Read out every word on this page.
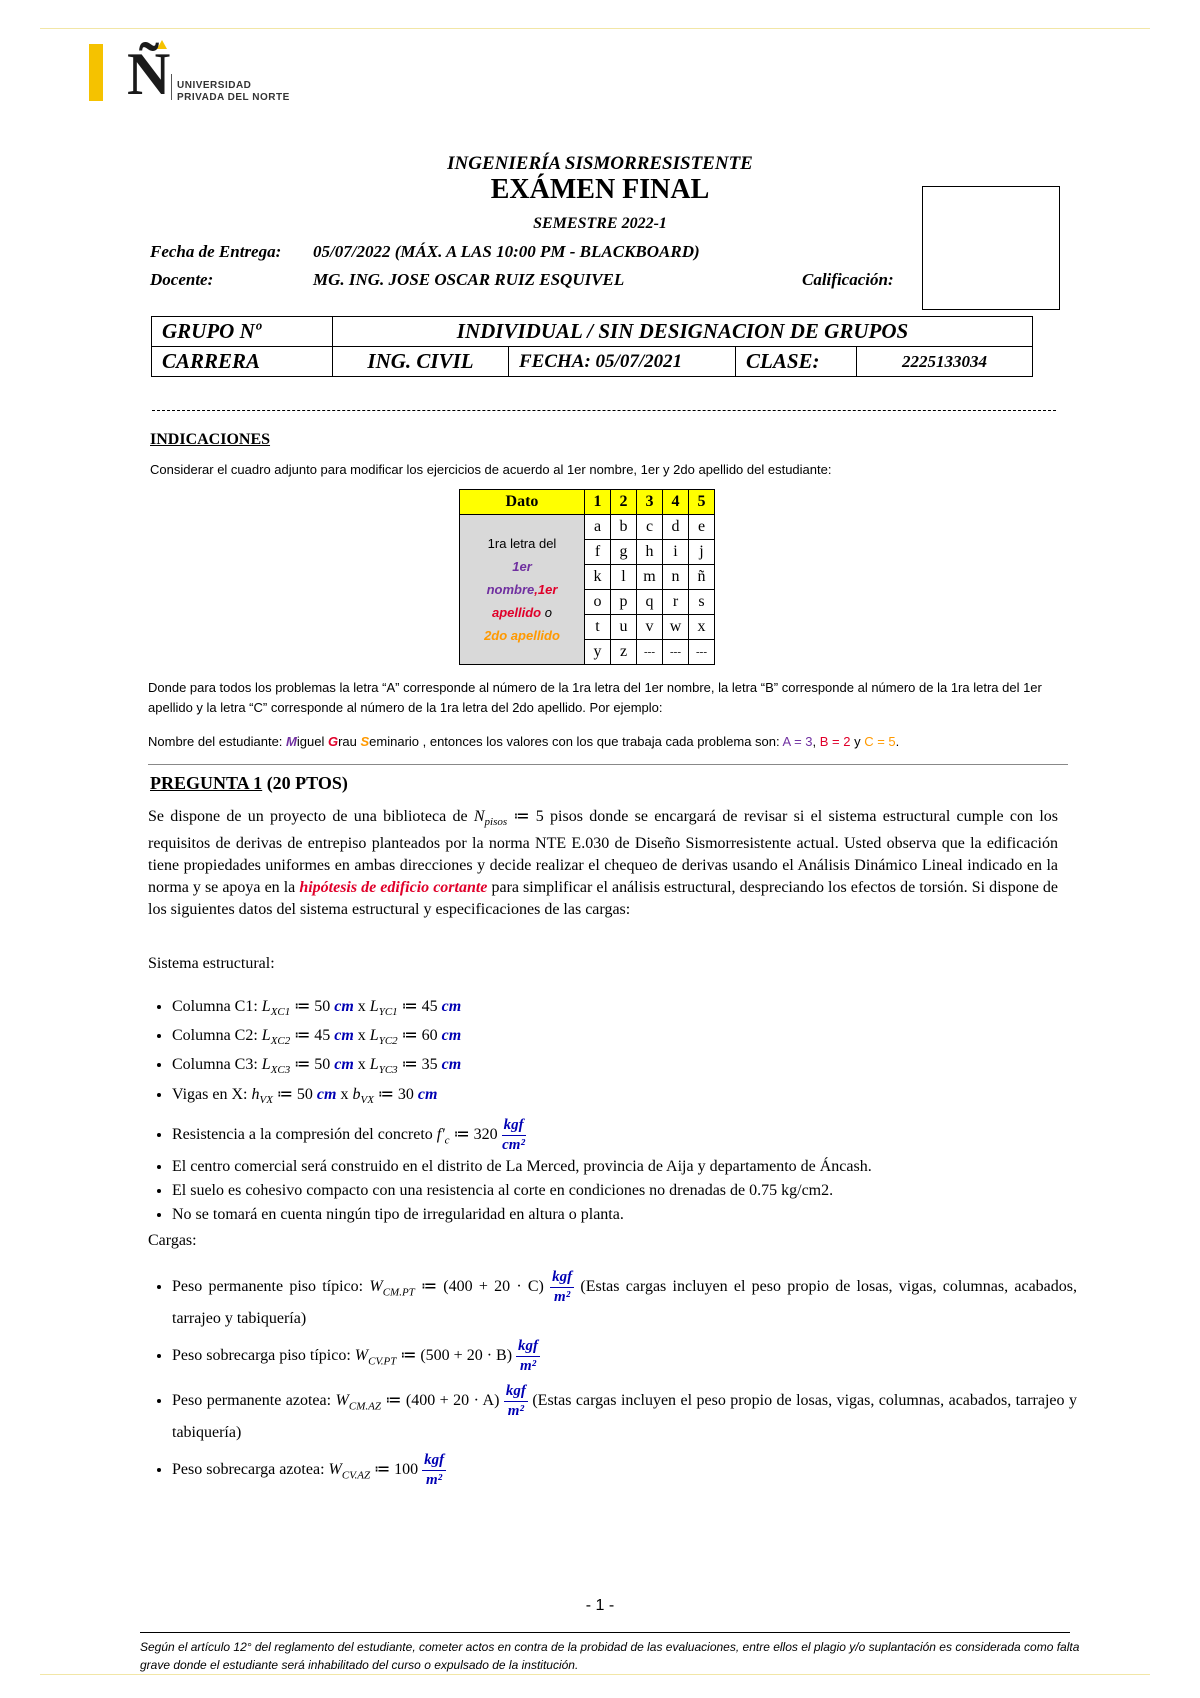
Ñ UNIVERSIDAD
PRIVADA DEL NORTE
INGENIERÍA SISMORRESISTENTE
EXÁMEN FINAL
SEMESTRE 2022-1
Fecha de Entrega: 05/07/2022 (MÁX. A LAS 10:00 PM - BLACKBOARD)
Docente:	MG. ING. JOSE OSCAR RUIZ ESQUIVEL	Calificación:
GRUPO Nº	INDIVIDUAL / SIN DESIGNACION DE GRUPOS			
CARRERA	ING. CIVIL	FECHA: 05/07/2021	CLASE:	2225133034
INDICACIONES
Considerar el cuadro adjunto para modificar los ejercicios de acuerdo al 1er nombre, 1er y 2do apellido del estudiante:
Dato	1	2	3	4	5

1ra letra del
1er
nombre,1er
apellido o
2do apellido	a	b	c	d	e
	f	g	h	i	j
	k	l	m	n	ñ
	o	p	q	r	s
	t	u	v	w	x
	y	z	---	---	---
Donde para todos los problemas la letra “A” corresponde al número de la 1ra letra del 1er nombre, la letra “B” corresponde al número de la 1ra letra del 1er apellido y la letra “C” corresponde al número de la 1ra letra del 2do apellido. Por ejemplo:
Nombre del estudiante: Miguel Grau Seminario , entonces los valores con los que trabaja cada problema son: A = 3, B = 2 y C = 5.
PREGUNTA 1 (20 PTOS)
Se dispone de un proyecto de una biblioteca de $N_{pisos}$ ≔ 5 pisos donde se encargará de revisar si el sistema estructural cumple con los requisitos de derivas de entrepiso planteados por la norma NTE E.030 de Diseño Sismorresistente actual. Usted observa que la edificación tiene propiedades uniformes en ambas direcciones y decide realizar el chequeo de derivas usando el Análisis Dinámico Lineal indicado en la norma y se apoya en la hipótesis de edificio cortante para simplificar el análisis estructural, despreciando los efectos de torsión. Si dispone de los siguientes datos del sistema estructural y especificaciones de las cargas:
Sistema estructural:
• Columna C1: $L_{XC1}$ ≔ 50 cm x $L_{YC1}$ ≔ 45 cm
• Columna C2: $L_{XC2}$ ≔ 45 cm x $L_{YC2}$ ≔ 60 cm
• Columna C3: $L_{XC3}$ ≔ 50 cm x $L_{YC3}$ ≔ 35 cm
• Vigas en X: $h_{VX}$ ≔ 50 cm x $b_{VX}$ ≔ 30 cm
• Resistencia a la compresión del concreto $f'_c$ ≔ $320 \frac{\text{kgf}}{\text{cm²}}$
• El centro comercial será construido en el distrito de La Merced, provincia de Aija y departamento de Áncash.
• El suelo es cohesivo compacto con una resistencia al corte en condiciones no drenadas de 0.75 kg/cm2.
• No se tomará en cuenta ningún tipo de irregularidad en altura o planta.
Cargas:
• Peso permanente piso típico: $W_{CM.PT}$ ≔ $(400 + 20 \cdot C) \frac{\text{kgf}}{\text{m²}}$ (Estas cargas incluyen el peso propio de losas, vigas, columnas, acabados, tarrajeo y tabiquería)
• Peso sobrecarga piso típico: $W_{CV.PT}$ ≔ $(500 + 20 \cdot B) \frac{\text{kgf}}{\text{m²}}$
• Peso permanente azotea: $W_{CM.AZ}$ ≔ $(400 + 20 \cdot A) \frac{\text{kgf}}{\text{m²}}$ (Estas cargas incluyen el peso propio de losas, vigas, columnas, acabados, tarrajeo y tabiquería)
• Peso sobrecarga azotea: $W_{CV.AZ}$ ≔ $100 \frac{\text{kgf}}{\text{m²}}$
- 1 -
Según el artículo 12° del reglamento del estudiante, cometer actos en contra de la probidad de las evaluaciones, entre ellos el plagio y/o suplantación es considerada como falta grave donde el estudiante será inhabilitado del curso o expulsado de la institución.
